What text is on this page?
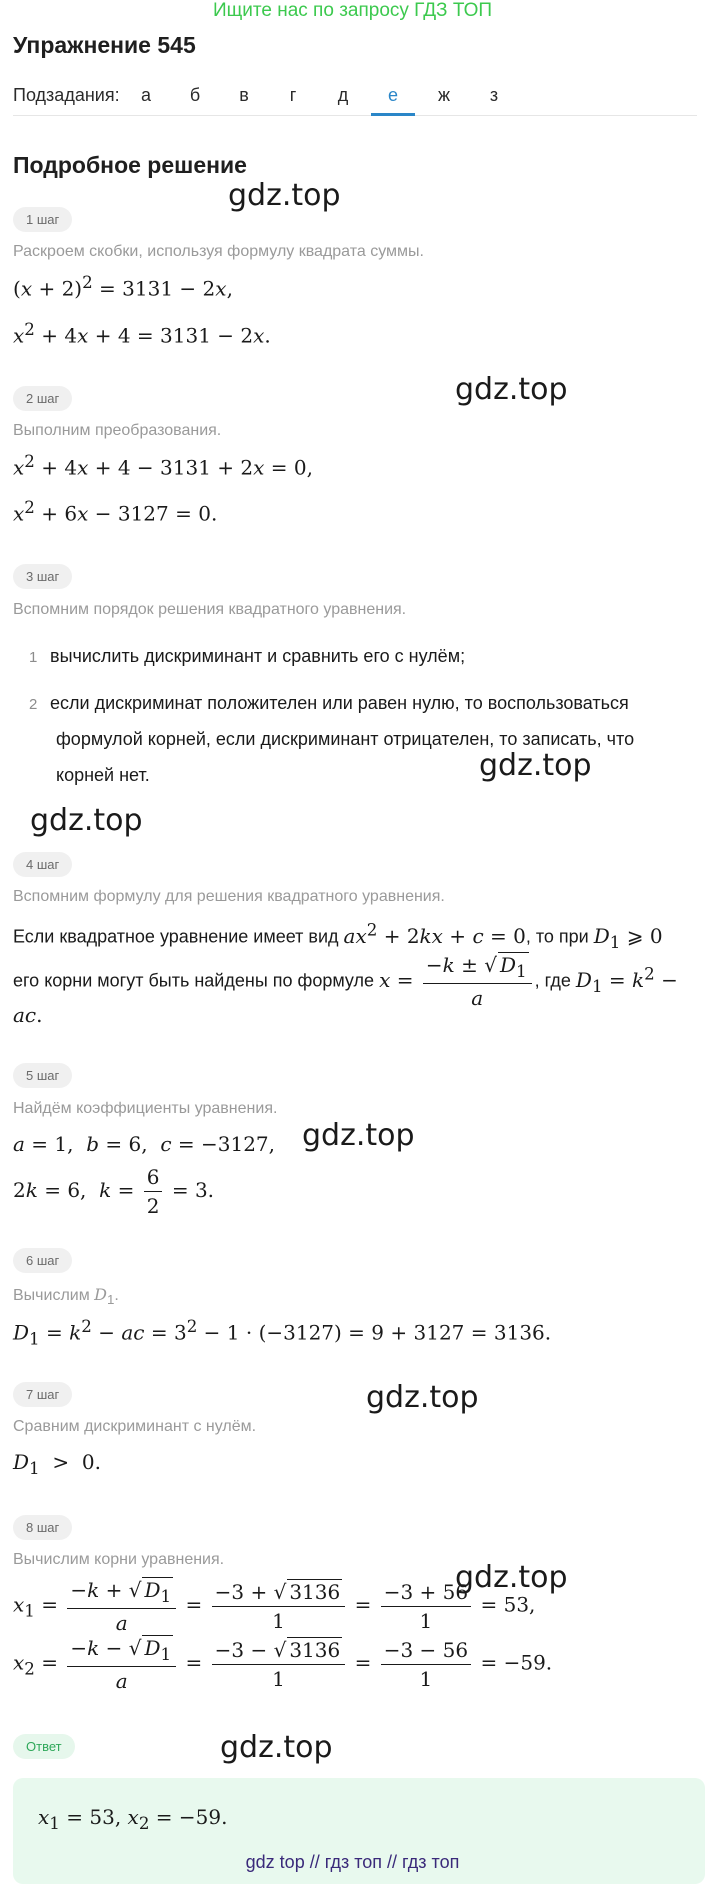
Ищите нас по запросу ГДЗ ТОП
Упражнение 545
Подзадания:	а	б	в	г	д	е	ж	з
Подробное решение
gdz.top
gdz.top
gdz.top
gdz.top
gdz.top
gdz.top
gdz.top
gdz.top
1 шаг
Раскроем скобки, используя формулу квадрата суммы.
$(x + 2)^2 = 3131 - 2x$,
$x^2 + 4x + 4 = 3131 - 2x$.
2 шаг
Выполним преобразования.
$x^2 + 4x + 4 - 3131 + 2x = 0$,
$x^2 + 6x - 3127 = 0$.
3 шаг
Вспомним порядок решения квадратного уравнения.
1 вычислить дискриминант и сравнить его с нулём;
2 если дискриминат положителен или равен нулю, то воспользоваться
формулой корней, если дискриминант отрицателен, то записать, что
корней нет.
4 шаг
Вспомним формулу для решения квадратного уравнения.
Если квадратное уравнение имеет вид $ax^2 + 2kx + c = 0$, то при $D_1$ ⩾ 0
его корни могут быть найдены по формуле $x = \frac{-k \pm √ D_1}{a}$ , где $D_1 = k^2$ −
ac.
5 шаг
Найдём коэффициенты уравнения.
a = 1,  b = 6,  c = −3127,
2k = 6,  $k = \frac{6}{2} = 3$.
6 шаг
Вычислим $D_1$.
$D_1 = k^2$ − ac = $3^2 - 1 \cdot (-3127) = 9 + 3127 = 3136$.
7 шаг
Сравним дискриминант с нулём.
$D_1 > 0$.
8 шаг
Вычислим корни уравнения.
$x_1 = \frac{-k + √ D_1}{a} = \frac{-3 + √ 3136}{1} = \frac{-3 + 56}{1} = 53$,
$x_2 = \frac{-k - √ D_1}{a} = \frac{-3 - √ 3136}{1} = \frac{-3 - 56}{1} = -59$.
Ответ
$x_1 = 53$, $x_2 = -59$.
gdz top // гдз топ // гдз топ
